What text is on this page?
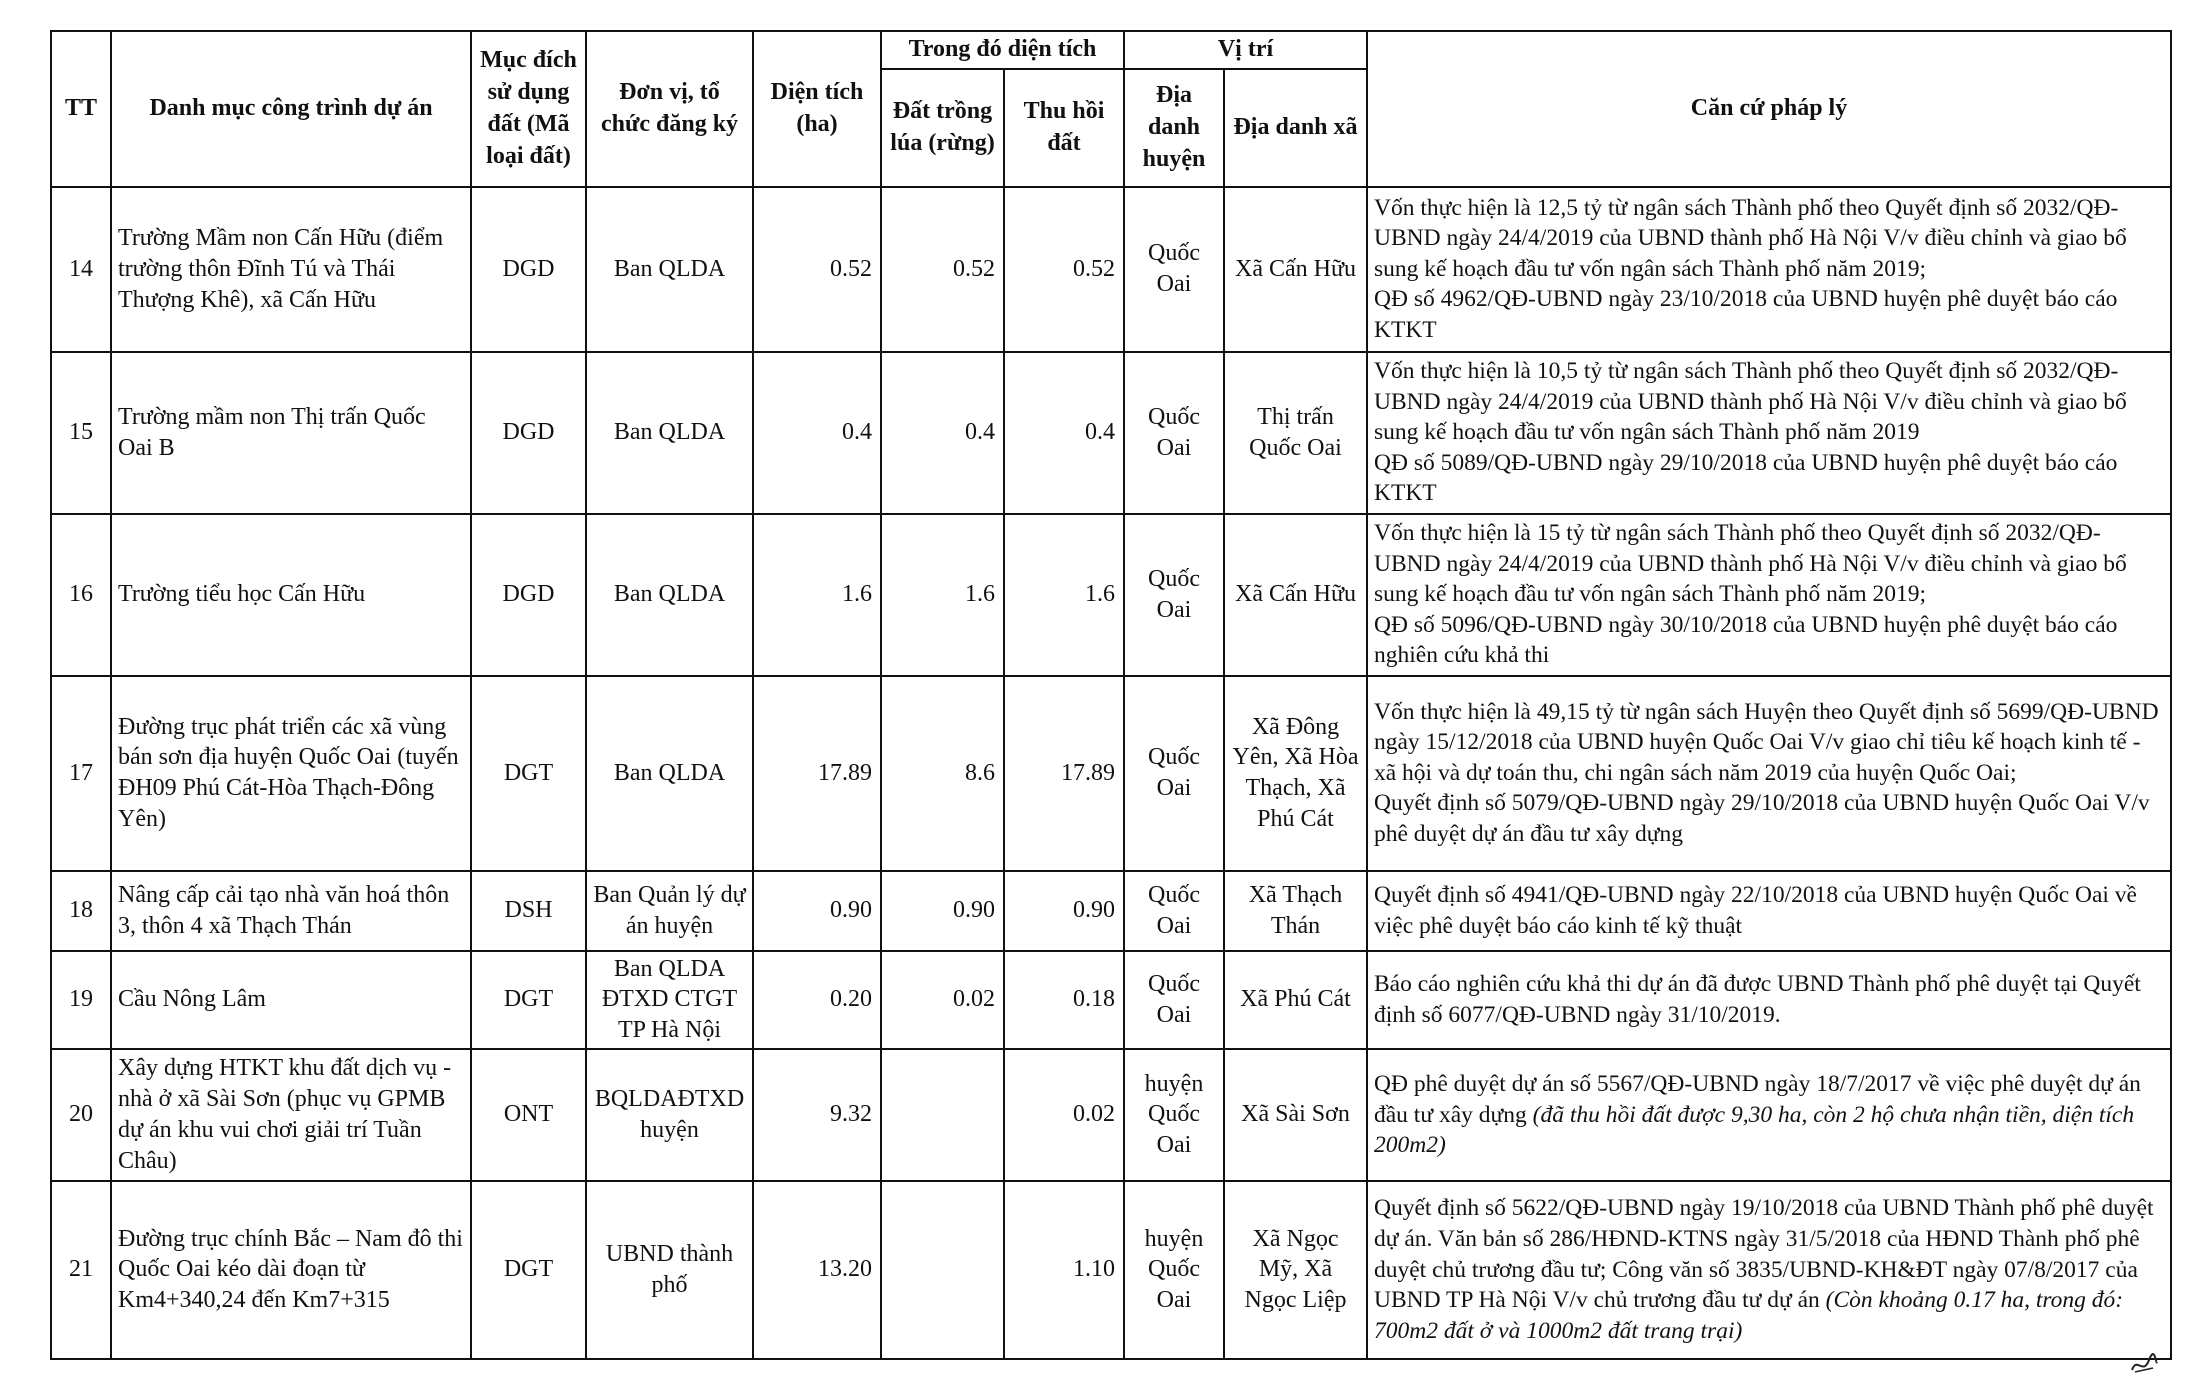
TT	Danh mục công trình dự án	Mục đích sử dụng đất (Mã loại đất)	Đơn vị, tổ chức đăng ký	Diện tích (ha)	Trong đó diện tích		Vị trí		Căn cứ pháp lý
					Đất trồng lúa (rừng)	Thu hồi đất	Địa danh huyện	Địa danh xã	
14	Trường Mầm non Cấn Hữu (điểm trường thôn Đĩnh Tú và Thái Thượng Khê), xã Cấn Hữu	DGD	Ban QLDA	0.52	0.52	0.52	Quốc Oai	Xã Cấn Hữu	Vốn thực hiện là 12,5 tỷ từ ngân sách Thành phố theo Quyết định số 2032/QĐ-UBND ngày 24/4/2019 của UBND thành phố Hà Nội V/v điều chỉnh và giao bổ sung kế hoạch đầu tư vốn ngân sách Thành phố năm 2019;
QĐ số 4962/QĐ-UBND ngày 23/10/2018 của UBND huyện phê duyệt báo cáo KTKT
15	Trường mầm non Thị trấn Quốc Oai B	DGD	Ban QLDA	0.4	0.4	0.4	Quốc Oai	Thị trấn Quốc Oai	Vốn thực hiện là 10,5 tỷ từ ngân sách Thành phố theo Quyết định số 2032/QĐ-UBND ngày 24/4/2019 của UBND thành phố Hà Nội V/v điều chỉnh và giao bổ sung kế hoạch đầu tư vốn ngân sách Thành phố năm 2019
QĐ số 5089/QĐ-UBND ngày 29/10/2018 của UBND huyện phê duyệt báo cáo KTKT
16	Trường tiểu học Cấn Hữu	DGD	Ban QLDA	1.6	1.6	1.6	Quốc Oai	Xã Cấn Hữu	Vốn thực hiện là 15 tỷ từ ngân sách Thành phố theo Quyết định số 2032/QĐ-UBND ngày 24/4/2019 của UBND thành phố Hà Nội V/v điều chỉnh và giao bổ sung kế hoạch đầu tư vốn ngân sách Thành phố năm 2019;
QĐ số 5096/QĐ-UBND ngày 30/10/2018 của UBND huyện phê duyệt báo cáo nghiên cứu khả thi
17	Đường trục phát triển các xã vùng bán sơn địa huyện Quốc Oai (tuyến ĐH09 Phú Cát-Hòa Thạch-Đông Yên)	DGT	Ban QLDA	17.89	8.6	17.89	Quốc Oai	Xã Đông Yên, Xã Hòa Thạch, Xã Phú Cát	Vốn thực hiện là 49,15 tỷ từ ngân sách Huyện theo Quyết định số 5699/QĐ-UBND ngày 15/12/2018 của UBND huyện Quốc Oai V/v giao chỉ tiêu kế hoạch kinh tế - xã hội và dự toán thu, chi ngân sách năm 2019 của huyện Quốc Oai;
Quyết định số 5079/QĐ-UBND ngày 29/10/2018 của UBND huyện Quốc Oai V/v phê duyệt dự án đầu tư xây dựng
18	Nâng cấp cải tạo nhà văn hoá thôn 3, thôn 4 xã Thạch Thán	DSH	Ban Quản lý dự án huyện	0.90	0.90	0.90	Quốc Oai	Xã Thạch Thán	Quyết định số 4941/QĐ-UBND ngày 22/10/2018 của UBND huyện Quốc Oai về việc phê duyệt báo cáo kinh tế kỹ thuật
19	Cầu Nông Lâm	DGT	Ban QLDA ĐTXD CTGT TP Hà Nội	0.20	0.02	0.18	Quốc Oai	Xã Phú Cát	Báo cáo nghiên cứu khả thi dự án đã được UBND Thành phố phê duyệt tại Quyết định số 6077/QĐ-UBND ngày 31/10/2019.
20	Xây dựng HTKT khu đất dịch vụ - nhà ở xã Sài Sơn (phục vụ GPMB dự án khu vui chơi giải trí Tuần Châu)	ONT	BQLDAĐTXD huyện	9.32		0.02	huyện Quốc Oai	Xã Sài Sơn	QĐ phê duyệt dự án số 5567/QĐ-UBND ngày 18/7/2017 về việc phê duyệt dự án đầu tư xây dựng (đã thu hồi đất được 9,30 ha, còn 2 hộ chưa nhận tiền, diện tích 200m2)
21	Đường trục chính Bắc – Nam đô thi Quốc Oai kéo dài đoạn từ Km4+340,24 đến Km7+315	DGT	UBND thành phố	13.20		1.10	huyện Quốc Oai	Xã Ngọc Mỹ, Xã Ngọc Liệp	Quyết định số 5622/QĐ-UBND ngày 19/10/2018 của UBND Thành phố phê duyệt dự án. Văn bản số 286/HĐND-KTNS ngày 31/5/2018 của HĐND Thành phố phê duyệt chủ trương đầu tư; Công văn số 3835/UBND-KH&ĐT ngày 07/8/2017 của UBND TP Hà Nội V/v chủ trương đầu tư dự án (Còn khoảng 0.17 ha, trong đó: 700m2 đất ở và 1000m2 đất trang trại)
